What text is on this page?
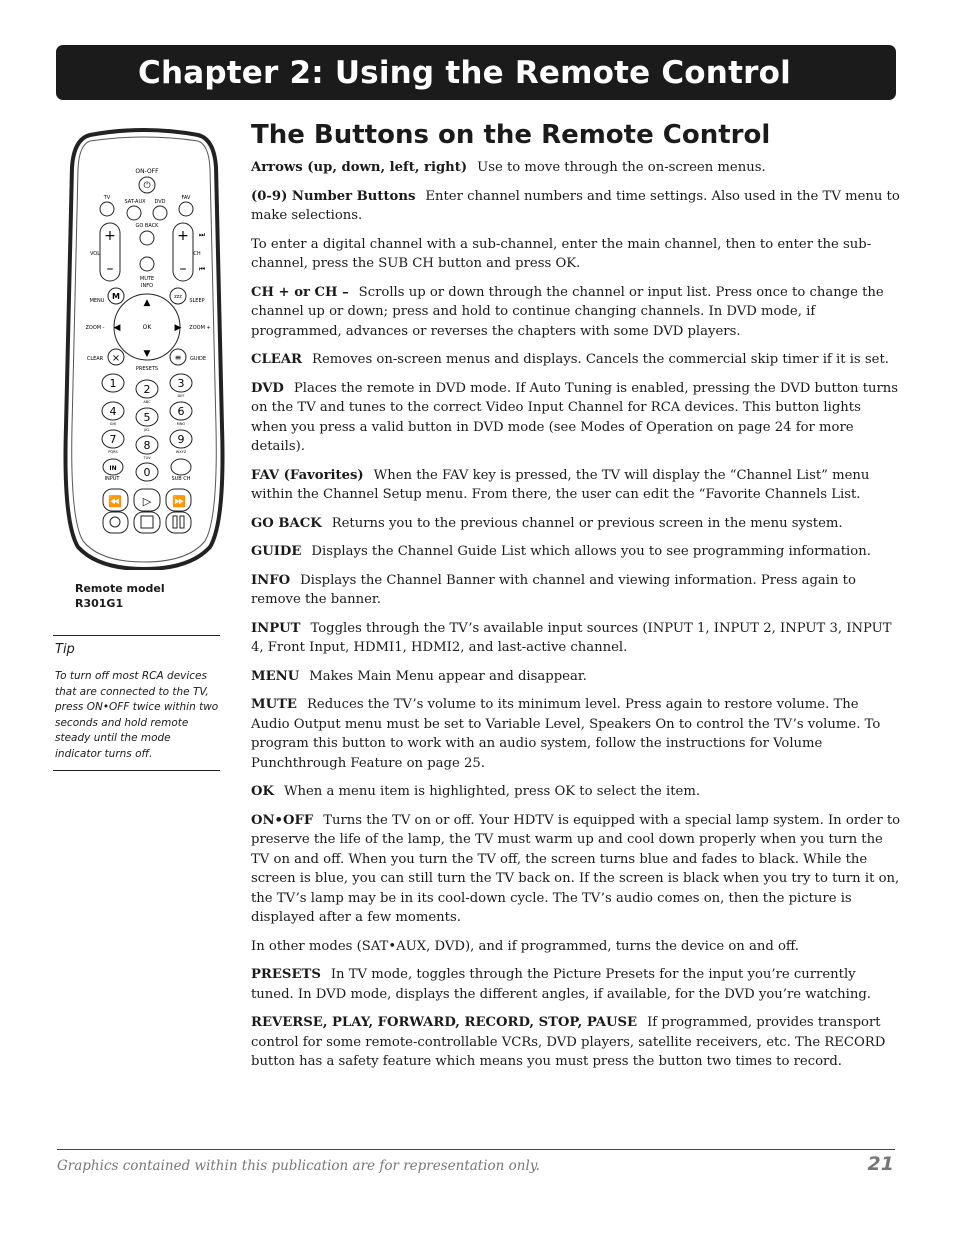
Chapter 2: Using the Remote Control
ON-OFF
⏻
TV
SAT-AUX DVD
FAV
GO BACK
+
–
VOL
+
–
CH
⏭
⏮
MUTE
INFO
M
MENU
zzz
SLEEP
▲
▼
◀	▶
OK
ZOOM -	ZOOM +
×
CLEAR	≡ GUIDE
PRESETS
1 2
ABC
3
DEF
4
GHI 5
JKL
6
MNO
7
PQRS 8
TUV
9
WXYZ
0
-
IN
INPUT	SUB CH
⏪ ▷ ⏩
Remote model
R301G1
Tip
To turn off most RCA devices that are connected to the TV, press ON•OFF twice within two seconds and hold remote steady until the mode indicator turns off.
The Buttons on the Remote Control

Arrows (up, down, left, right) Use to move through the on-screen menus.

(0-9) Number Buttons Enter channel numbers and time settings. Also used in the TV menu to make selections.

To enter a digital channel with a sub-channel, enter the main channel, then to enter the sub-channel, press the SUB CH button and press OK.

CH + or CH – Scrolls up or down through the channel or input list. Press once to change the channel up or down; press and hold to continue changing channels. In DVD mode, if programmed, advances or reverses the chapters with some DVD players.

CLEAR Removes on-screen menus and displays. Cancels the commercial skip timer if it is set.

DVD Places the remote in DVD mode. If Auto Tuning is enabled, pressing the DVD button turns on the TV and tunes to the correct Video Input Channel for RCA devices. This button lights when you press a valid button in DVD mode (see Modes of Operation on page 24 for more details).

FAV (Favorites) When the FAV key is pressed, the TV will display the “Channel List” menu within the Channel Setup menu. From there, the user can edit the “Favorite Channels List.

GO BACK Returns you to the previous channel or previous screen in the menu system.

GUIDE Displays the Channel Guide List which allows you to see programming information.

INFO Displays the Channel Banner with channel and viewing information. Press again to remove the banner.

INPUT Toggles through the TV’s available input sources (INPUT 1, INPUT 2, INPUT 3, INPUT 4, Front Input, HDMI1, HDMI2, and last-active channel.

MENU Makes Main Menu appear and disappear.

MUTE Reduces the TV’s volume to its minimum level. Press again to restore volume. The Audio Output menu must be set to Variable Level, Speakers On to control the TV’s volume. To program this button to work with an audio system, follow the instructions for Volume Punchthrough Feature on page 25.

OK When a menu item is highlighted, press OK to select the item.

ON•OFF Turns the TV on or off. Your HDTV is equipped with a special lamp system. In order to preserve the life of the lamp, the TV must warm up and cool down properly when you turn the TV on and off. When you turn the TV off, the screen turns blue and fades to black. While the screen is blue, you can still turn the TV back on. If the screen is black when you try to turn it on, the TV’s lamp may be in its cool-down cycle. The TV’s audio comes on, then the picture is displayed after a few moments.

In other modes (SAT•AUX, DVD), and if programmed, turns the device on and off.

PRESETS In TV mode, toggles through the Picture Presets for the input you’re currently tuned. In DVD mode, displays the different angles, if available, for the DVD you’re watching.

REVERSE, PLAY, FORWARD, RECORD, STOP, PAUSE If programmed, provides transport control for some remote-controllable VCRs, DVD players, satellite receivers, etc. The RECORD button has a safety feature which means you must press the button two times to record.

Graphics contained within this publication are for representation only.	21
